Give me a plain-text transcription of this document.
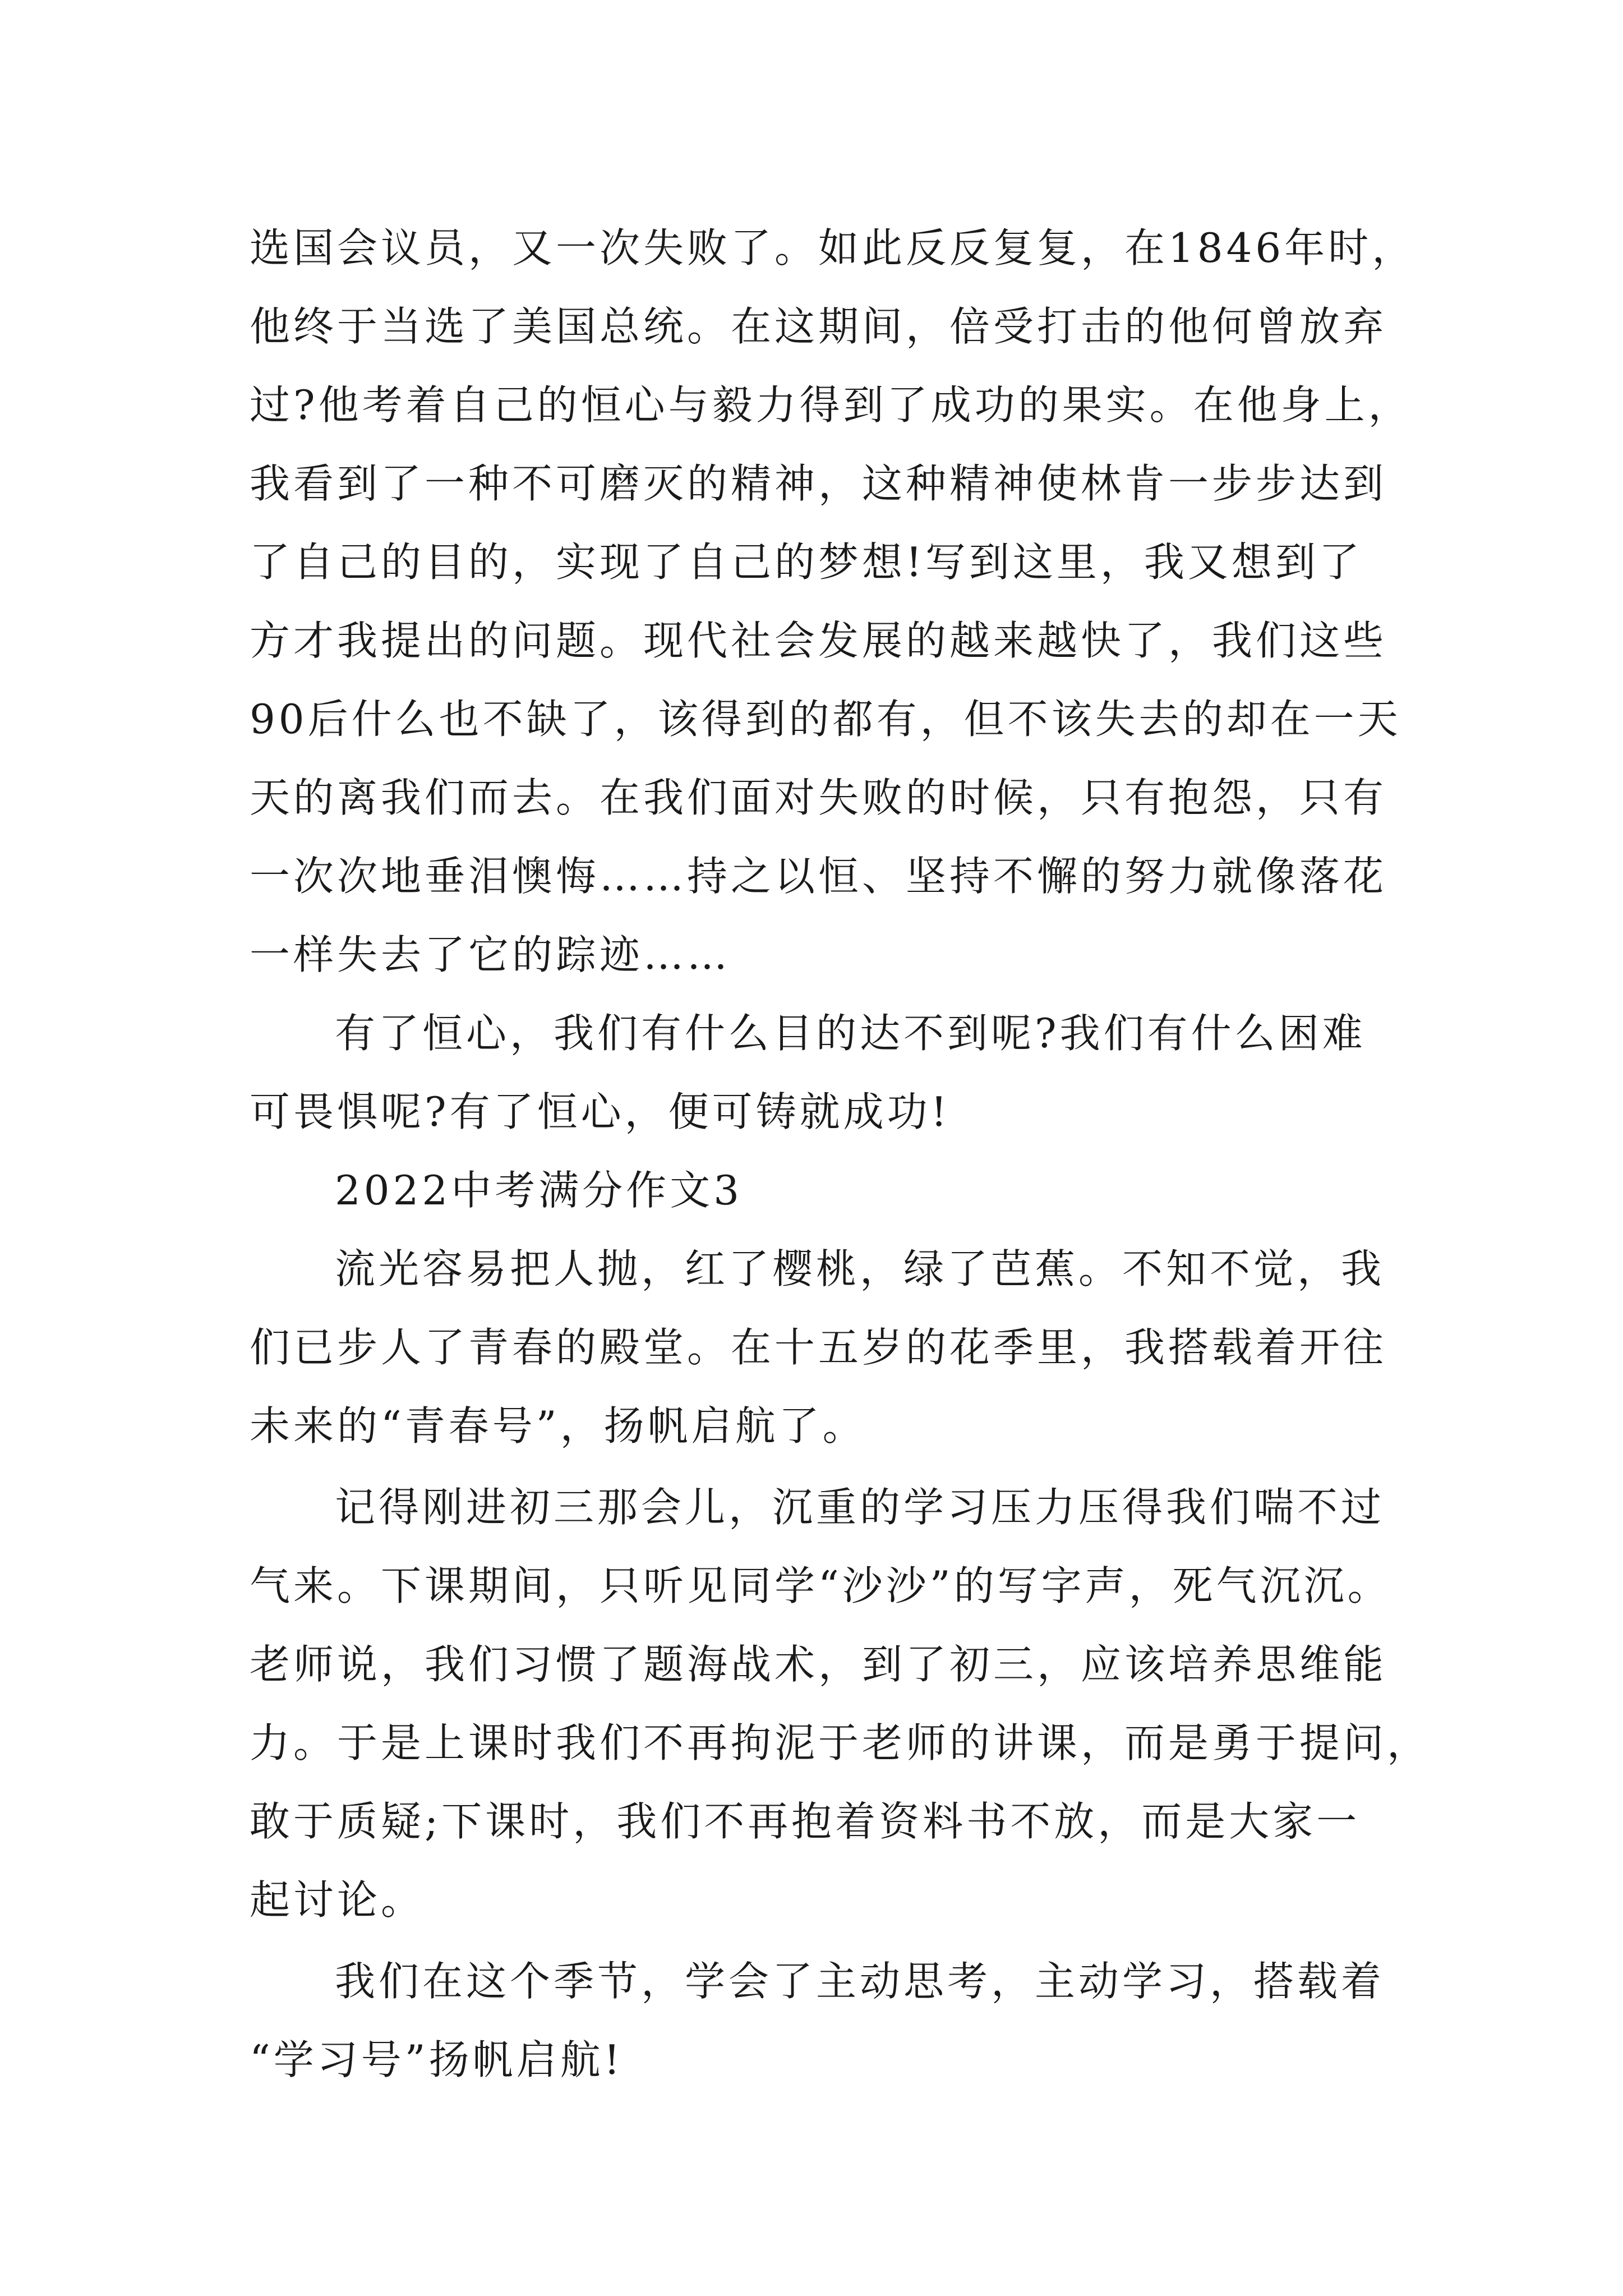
选国会议员，又一次失败了。如此反反复复，在1846年时，
他终于当选了美国总统。在这期间，倍受打击的他何曾放弃
过?他考着自己的恒心与毅力得到了成功的果实。在他身上，
我看到了一种不可磨灭的精神，这种精神使林肯一步步达到
了自己的目的，实现了自己的梦想!写到这里，我又想到了
方才我提出的问题。现代社会发展的越来越快了，我们这些
90后什么也不缺了，该得到的都有，但不该失去的却在一天
天的离我们而去。在我们面对失败的时候，只有抱怨，只有
一次次地垂泪懊悔……持之以恒、坚持不懈的努力就像落花
一样失去了它的踪迹……
有了恒心，我们有什么目的达不到呢?我们有什么困难
可畏惧呢?有了恒心，便可铸就成功!
2022中考满分作文3
流光容易把人抛，红了樱桃，绿了芭蕉。不知不觉，我
们已步人了青春的殿堂。在十五岁的花季里，我搭载着开往
未来的“青春号”，扬帆启航了。
记得刚进初三那会儿，沉重的学习压力压得我们喘不过
气来。下课期间，只听见同学“沙沙”的写字声，死气沉沉。
老师说，我们习惯了题海战术，到了初三，应该培养思维能
力。于是上课时我们不再拘泥于老师的讲课，而是勇于提问，
敢于质疑;下课时，我们不再抱着资料书不放，而是大家一
起讨论。
我们在这个季节，学会了主动思考，主动学习，搭载着
“学习号”扬帆启航!
